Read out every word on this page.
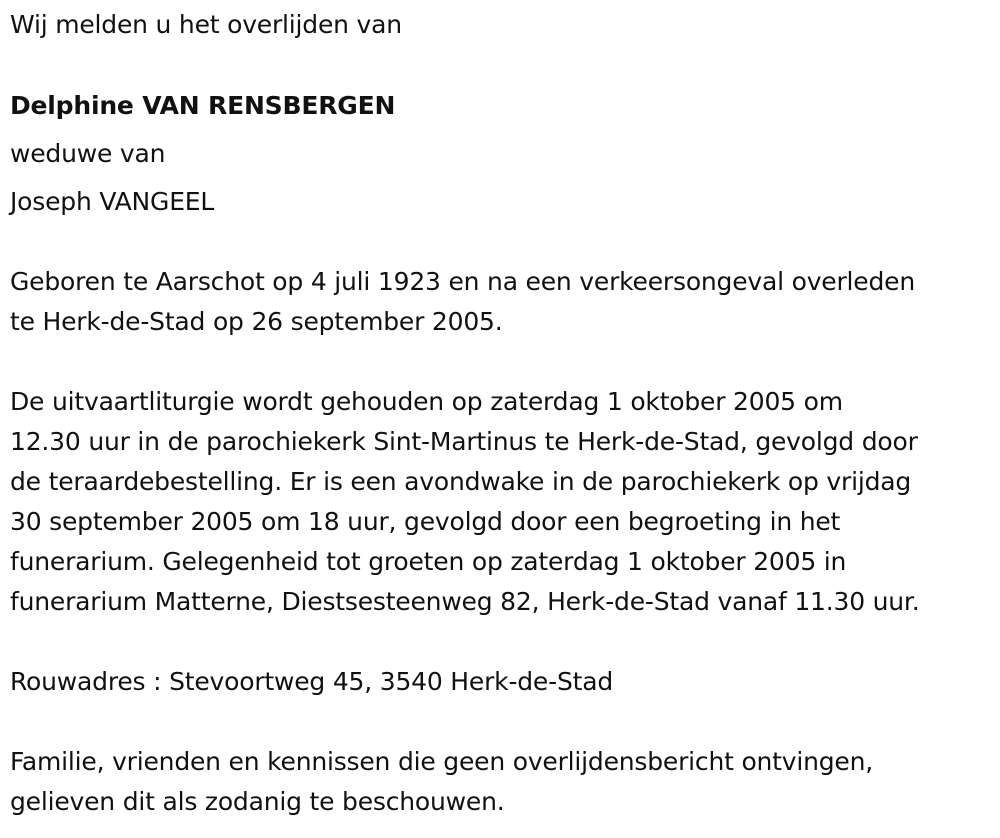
Wij melden u het overlijden van
Delphine VAN RENSBERGEN
weduwe van
Joseph VANGEEL
Geboren te Aarschot op 4 juli 1923 en na een verkeersongeval overleden
te Herk-de-Stad op 26 september 2005.
De uitvaartliturgie wordt gehouden op zaterdag 1 oktober 2005 om
12.30 uur in de parochiekerk Sint-Martinus te Herk-de-Stad, gevolgd door
de teraardebestelling. Er is een avondwake in de parochiekerk op vrijdag
30 september 2005 om 18 uur, gevolgd door een begroeting in het
funerarium. Gelegenheid tot groeten op zaterdag 1 oktober 2005 in
funerarium Matterne, Diestsesteenweg 82, Herk-de-Stad vanaf 11.30 uur.
Rouwadres : Stevoortweg 45, 3540 Herk-de-Stad
Familie, vrienden en kennissen die geen overlijdensbericht ontvingen,
gelieven dit als zodanig te beschouwen.
